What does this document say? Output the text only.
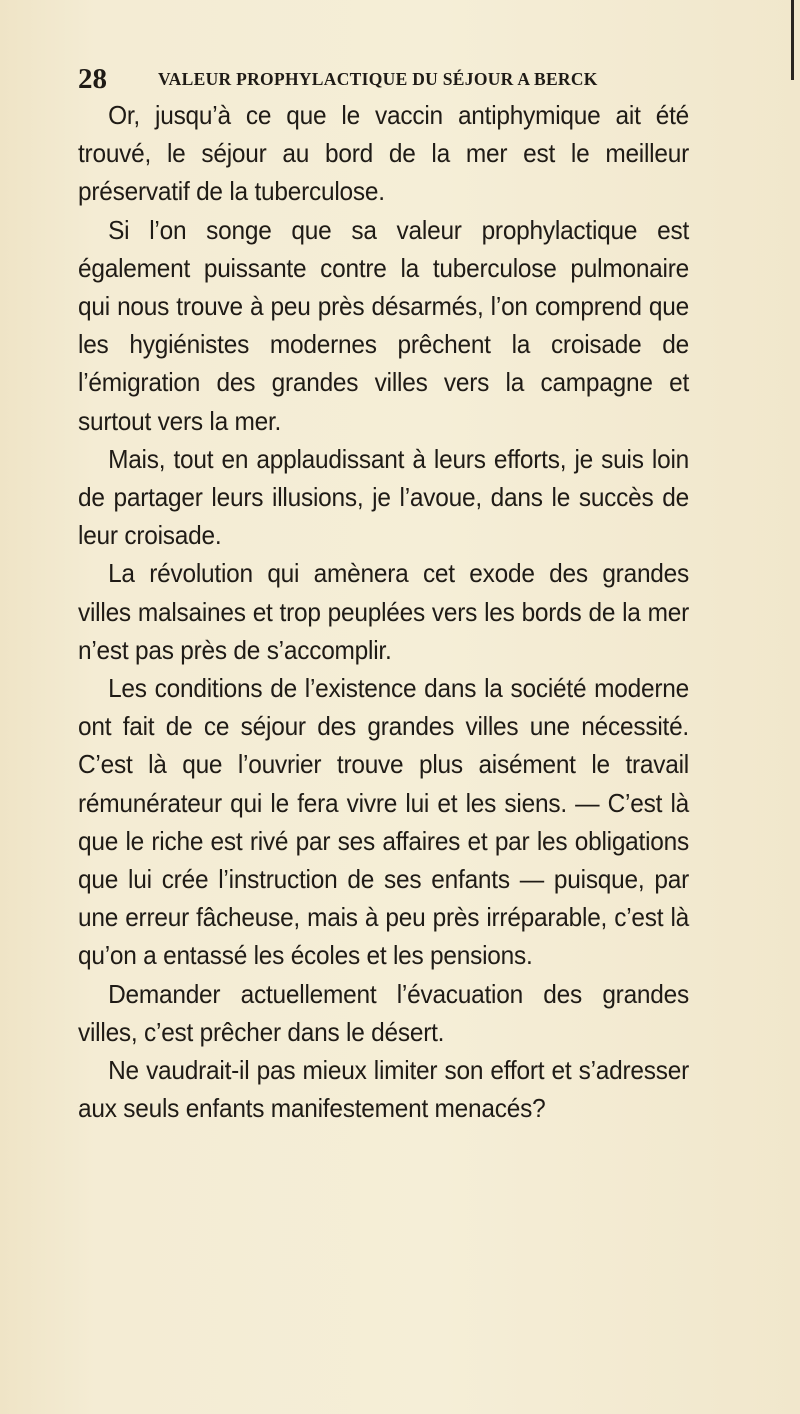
28	VALEUR PROPHYLACTIQUE DU SÉJOUR A BERCK

Or, jusqu’à ce que le vaccin antiphymique ait été trouvé, le séjour au bord de la mer est le meilleur préservatif de la tuberculose.

Si l’on songe que sa valeur prophylactique est également puissante contre la tuberculose pulmonaire qui nous trouve à peu près désarmés, l’on comprend que les hygiénistes modernes prêchent la croisade de l’émigration des grandes villes vers la campagne et surtout vers la mer.

Mais, tout en applaudissant à leurs efforts, je suis loin de partager leurs illusions, je l’avoue, dans le succès de leur croisade.

La révolution qui amènera cet exode des grandes villes malsaines et trop peuplées vers les bords de la mer n’est pas près de s’accomplir.

Les conditions de l’existence dans la société moderne ont fait de ce séjour des grandes villes une nécessité. C’est là que l’ouvrier trouve plus aisément le travail rémunérateur qui le fera vivre lui et les siens. — C’est là que le riche est rivé par ses affaires et par les obligations que lui crée l’instruction de ses enfants — puisque, par une erreur fâcheuse, mais à peu près irréparable, c’est là qu’on a entassé les écoles et les pensions.

Demander actuellement l’évacuation des grandes villes, c’est prêcher dans le désert.

Ne vaudrait-il pas mieux limiter son effort et s’adresser aux seuls enfants manifestement menacés?
